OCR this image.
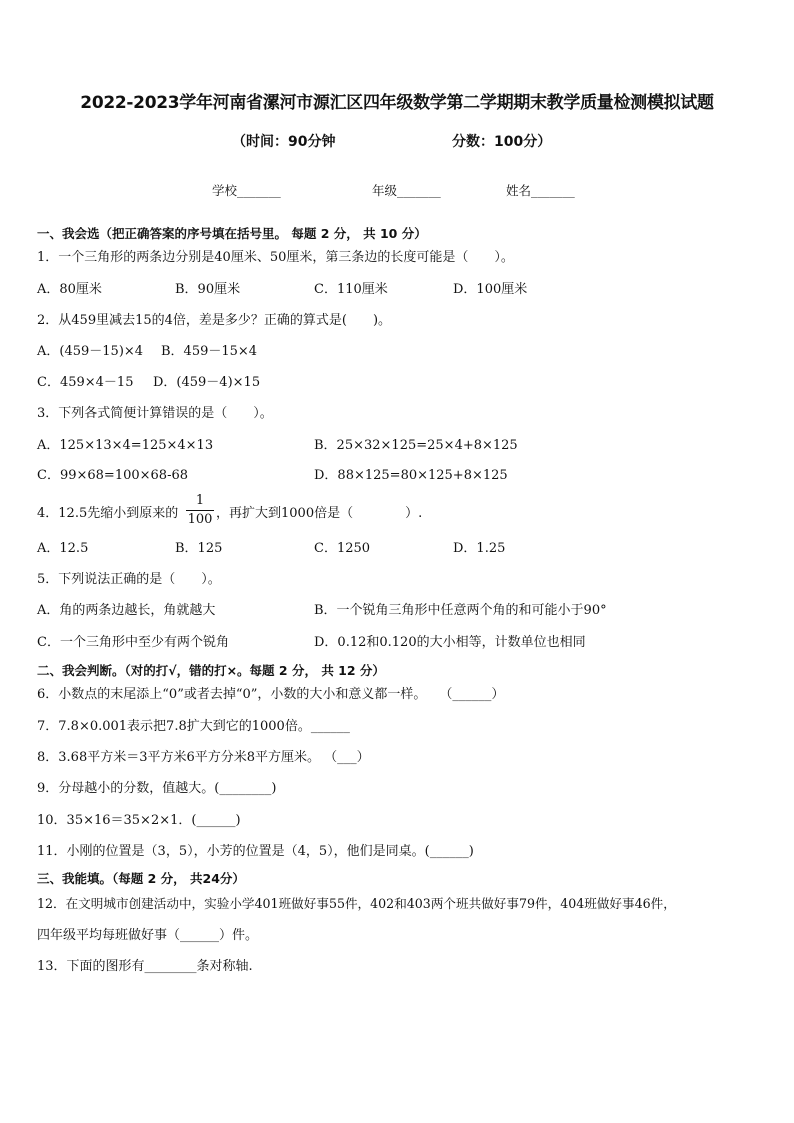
2022-2023学年河南省漯河市源汇区四年级数学第二学期期末教学质量检测模拟试题
（时间：90分钟	分数：100分）
学校_______	年级_______	姓名_______
一、我会选（把正确答案的序号填在括号里。 每题 2 分， 共 10 分）
1．一个三角形的两条边分别是40厘米、50厘米，第三条边的长度可能是（　　）。
A．80厘米	B．90厘米	C．110厘米	D．100厘米
2．从459里减去15的4倍，差是多少？正确的算式是(　　)。
A．(459－15)×4 B．459－15×4
C．459×4－15 D．(459－4)×15
3．下列各式简便计算错误的是（　　）。
A．125×13×4=125×4×13	B．25×32×125=25×4+8×125
C．99×68=100×68-68	D．88×125=80×125+8×125
4．12.5先缩小到原来的
1
100 ，再扩大到1000倍是（　　　　）.
A．12.5	B．125	C．1250	D．1.25
5．下列说法正确的是（　　）。
A．角的两条边越长，角就越大	B．一个锐角三角形中任意两个角的和可能小于90°
C．一个三角形中至少有两个锐角	D．0.12和0.120的大小相等，计数单位也相同
二、我会判断。（对的打√，错的打×。每题 2 分， 共 12 分）
6．小数点的末尾添上“0”或者去掉“0”，小数的大小和意义都一样。　　（______）
7．7.8×0.001表示把7.8扩大到它的1000倍。______
8．3.68平方米＝3平方米6平方分米8平方厘米。 （___）
9．分母越小的分数，值越大。(________)
10．35×16＝35×2×1．(______)
11．小刚的位置是（3，5），小芳的位置是（4，5），他们是同桌。(______)
三、我能填。（每题 2 分， 共24分）
12．在文明城市创建活动中，实验小学401班做好事55件，402和403两个班共做好事79件，404班做好事46件，
四年级平均每班做好事（______）件。
13．下面的图形有________条对称轴.
